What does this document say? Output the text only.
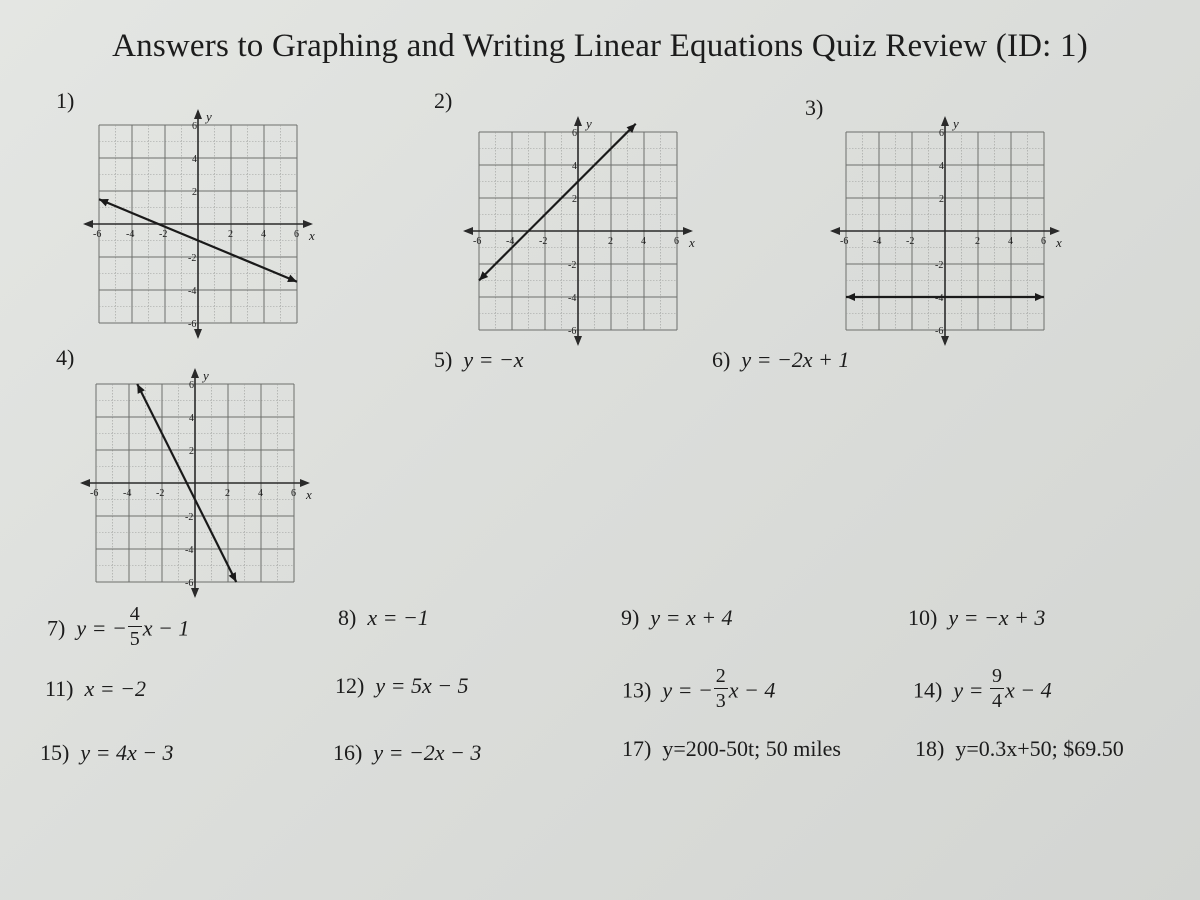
Answers to Graphing and Writing Linear Equations Quiz Review (ID: 1)
1)	2)	3)
4)
x
y
-6 -4 -2	2	4	6
6
4
2
-2
-4
-6
x
y
-6 -4 -2	2	4	6
6
4
2
-2
-4
-6
x
y
-6 -4 -2	2	4	6
6
4
2
-2
-4
-6
x
y
-6 -4 -2	2	4	6
6
4
2
-2
-4
-6
5) y = −x	6) y = −2x + 1
7) y = − $\frac{4}{5}$ x − 1	8) x = −1	9) y = x + 4	10) y = −x + 3
11) x = −2	12) y = 5x − 5	13) y = − $\frac{2}{3}$ x − 4	14) $y = \frac{9}{4}$ x − 4
15) y = 4x − 3	16) y = −2x − 3	17) y=200-50t; 50 miles	18) y=0.3x+50; $69.50
